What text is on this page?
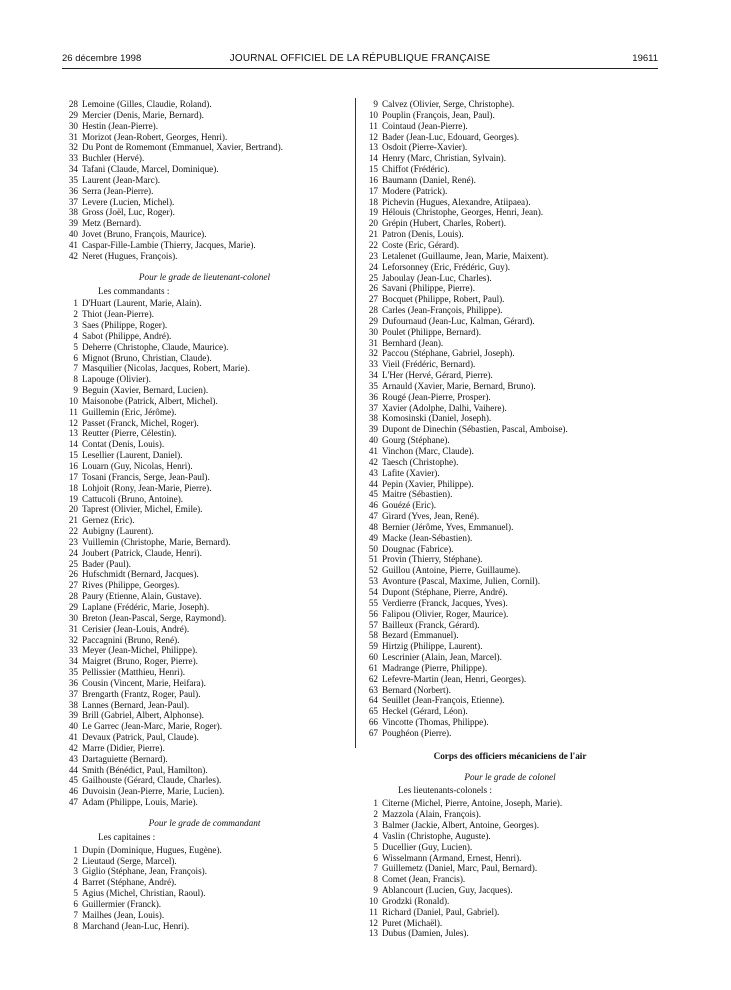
26 décembre 1998	JOURNAL OFFICIEL DE LA RÉPUBLIQUE FRANÇAISE	19611
28 Lemoine (Gilles, Claudie, Roland).
29 Mercier (Denis, Marie, Bernard).
30 Hestin (Jean-Pierre).
31 Morizot (Jean-Robert, Georges, Henri).
32 Du Pont de Romemont (Emmanuel, Xavier, Bertrand).
33 Buchler (Hervé).
34 Tafani (Claude, Marcel, Dominique).
35 Laurent (Jean-Marc).
36 Serra (Jean-Pierre).
37 Levere (Lucien, Michel).
38 Gross (Joël, Luc, Roger).
39 Metz (Bernard).
40 Jovet (Bruno, François, Maurice).
41 Caspar-Fille-Lambie (Thierry, Jacques, Marie).
42 Neret (Hugues, François).
Pour le grade de lieutenant-colonel
Les commandants :
1 D'Huart (Laurent, Marie, Alain).
2 Thiot (Jean-Pierre).
3 Saes (Philippe, Roger).
4 Sabot (Philippe, André).
5 Deherre (Christophe, Claude, Maurice).
6 Mignot (Bruno, Christian, Claude).
7 Masquilier (Nicolas, Jacques, Robert, Marie).
8 Lapouge (Olivier).
9 Beguin (Xavier, Bernard, Lucien).
10 Maisonobe (Patrick, Albert, Michel).
11 Guillemin (Eric, Jérôme).
12 Passet (Franck, Michel, Roger).
13 Reutter (Pierre, Célestin).
14 Contat (Denis, Louis).
15 Lesellier (Laurent, Daniel).
16 Louarn (Guy, Nicolas, Henri).
17 Tosani (Francis, Serge, Jean-Paul).
18 Lohjoit (Rony, Jean-Marie, Pierre).
19 Cattucoli (Bruno, Antoine).
20 Taprest (Olivier, Michel, Emile).
21 Gernez (Eric).
22 Aubigny (Laurent).
23 Vuillemin (Christophe, Marie, Bernard).
24 Joubert (Patrick, Claude, Henri).
25 Bader (Paul).
26 Hufschmidt (Bernard, Jacques).
27 Rives (Philippe, Georges).
28 Paury (Etienne, Alain, Gustave).
29 Laplane (Frédéric, Marie, Joseph).
30 Breton (Jean-Pascal, Serge, Raymond).
31 Cerisier (Jean-Louis, André).
32 Paccagnini (Bruno, René).
33 Meyer (Jean-Michel, Philippe).
34 Maigret (Bruno, Roger, Pierre).
35 Pellissier (Matthieu, Henri).
36 Cousin (Vincent, Marie, Heifara).
37 Brengarth (Frantz, Roger, Paul).
38 Lannes (Bernard, Jean-Paul).
39 Brill (Gabriel, Albert, Alphonse).
40 Le Garrec (Jean-Marc, Marie, Roger).
41 Devaux (Patrick, Paul, Claude).
42 Marre (Didier, Pierre).
43 Dartaguiette (Bernard).
44 Smith (Bénédict, Paul, Hamilton).
45 Gailhouste (Gérard, Claude, Charles).
46 Duvoisin (Jean-Pierre, Marie, Lucien).
47 Adam (Philippe, Louis, Marie).
Pour le grade de commandant
Les capitaines :
1 Dupin (Dominique, Hugues, Eugène).
2 Lieutaud (Serge, Marcel).
3 Giglio (Stéphane, Jean, François).
4 Barret (Stéphane, André).
5 Agius (Michel, Christian, Raoul).
6 Guillermier (Franck).
7 Mailhes (Jean, Louis).
8 Marchand (Jean-Luc, Henri).
9 Calvez (Olivier, Serge, Christophe).
10 Pouplin (François, Jean, Paul).
11 Cointaud (Jean-Pierre).
12 Bader (Jean-Luc, Edouard, Georges).
13 Osdoit (Pierre-Xavier).
14 Henry (Marc, Christian, Sylvain).
15 Chiffot (Frédéric).
16 Baumann (Daniel, René).
17 Modere (Patrick).
18 Pichevin (Hugues, Alexandre, Atiipaea).
19 Hélouis (Christophe, Georges, Henri, Jean).
20 Grépin (Hubert, Charles, Robert).
21 Patron (Denis, Louis).
22 Coste (Eric, Gérard).
23 Letalenet (Guillaume, Jean, Marie, Maixent).
24 Leforsonney (Eric, Frédéric, Guy).
25 Jaboulay (Jean-Luc, Charles).
26 Savani (Philippe, Pierre).
27 Bocquet (Philippe, Robert, Paul).
28 Carles (Jean-François, Philippe).
29 Dufournaud (Jean-Luc, Kalman, Gérard).
30 Poulet (Philippe, Bernard).
31 Bernhard (Jean).
32 Paccou (Stéphane, Gabriel, Joseph).
33 Vieil (Frédéric, Bernard).
34 L'Her (Hervé, Gérard, Pierre).
35 Arnauld (Xavier, Marie, Bernard, Bruno).
36 Rougé (Jean-Pierre, Prosper).
37 Xavier (Adolphe, Dalhi, Vaihere).
38 Komosinski (Daniel, Joseph).
39 Dupont de Dinechin (Sébastien, Pascal, Amboise).
40 Gourg (Stéphane).
41 Vinchon (Marc, Claude).
42 Taesch (Christophe).
43 Lafite (Xavier).
44 Pepin (Xavier, Philippe).
45 Maitre (Sébastien).
46 Gouézé (Eric).
47 Girard (Yves, Jean, René).
48 Bernier (Jérôme, Yves, Emmanuel).
49 Macke (Jean-Sébastien).
50 Dougnac (Fabrice).
51 Provin (Thierry, Stéphane).
52 Guillou (Antoine, Pierre, Guillaume).
53 Avonture (Pascal, Maxime, Julien, Cornil).
54 Dupont (Stéphane, Pierre, André).
55 Verdierre (Franck, Jacques, Yves).
56 Falipou (Olivier, Roger, Maurice).
57 Bailleux (Franck, Gérard).
58 Bezard (Emmanuel).
59 Hirtzig (Philippe, Laurent).
60 Lescrinier (Alain, Jean, Marcel).
61 Madrange (Pierre, Philippe).
62 Lefevre-Martin (Jean, Henri, Georges).
63 Bernard (Norbert).
64 Seuillet (Jean-François, Etienne).
65 Heckel (Gérard, Léon).
66 Vincotte (Thomas, Philippe).
67 Poughéon (Pierre).
Corps des officiers mécaniciens de l'air
Pour le grade de colonel
Les lieutenants-colonels :
1 Citerne (Michel, Pierre, Antoine, Joseph, Marie).
2 Mazzola (Alain, François).
3 Balmer (Jackie, Albert, Antoine, Georges).
4 Vaslin (Christophe, Auguste).
5 Ducellier (Guy, Lucien).
6 Wisselmann (Armand, Ernest, Henri).
7 Guillemetz (Daniel, Marc, Paul, Bernard).
8 Comet (Jean, Francis).
9 Ablancourt (Lucien, Guy, Jacques).
10 Grodzki (Ronald).
11 Richard (Daniel, Paul, Gabriel).
12 Puret (Michaël).
13 Dubus (Damien, Jules).
